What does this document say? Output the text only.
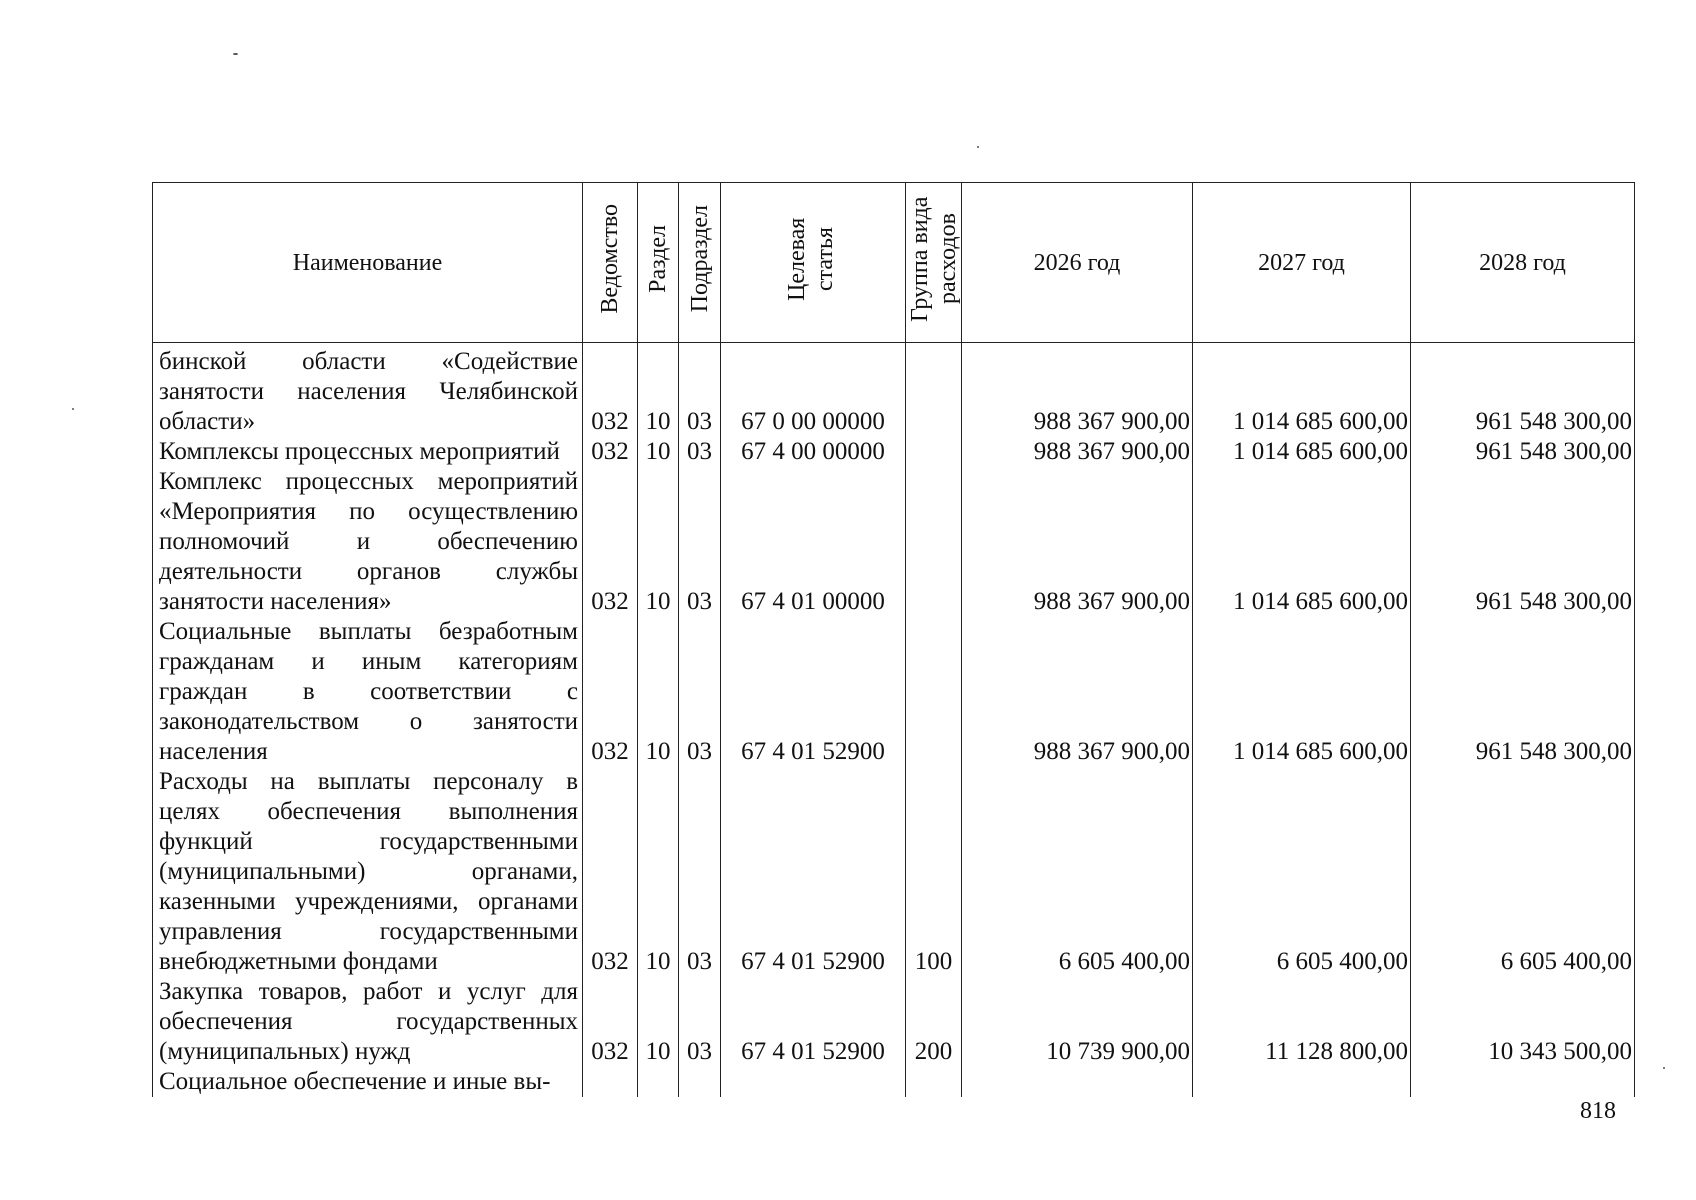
Наименование	Ведомство	Раздел	Подраздел	Целевая статья	Группа вида расходов	2026 год	2027 год	2028 год
бинской области «Содействие занятости населения Челябинской области»	032	10	03	67 0 00 00000		988 367 900,00	1 014 685 600,00	961 548 300,00
Комплексы процессных мероприятий	032	10	03	67 4 00 00000		988 367 900,00	1 014 685 600,00	961 548 300,00
Комплекс процессных мероприятий «Мероприятия по осуществлению полномочий и обеспечению деятельности органов службы занятости населения»	032	10	03	67 4 01 00000		988 367 900,00	1 014 685 600,00	961 548 300,00
Социальные выплаты безработным гражданам и иным категориям граждан в соответствии с законодательством о занятости населения	032	10	03	67 4 01 52900		988 367 900,00	1 014 685 600,00	961 548 300,00
Расходы на выплаты персоналу в целях обеспечения выполнения функций государственными (муниципальными) органами, казенными учреждениями, органами управления государственными внебюджетными фондами	032	10	03	67 4 01 52900	100	6 605 400,00	6 605 400,00	6 605 400,00
Закупка товаров, работ и услуг для обеспечения государственных (муниципальных) нужд	032	10	03	67 4 01 52900	200	10 739 900,00	11 128 800,00	10 343 500,00
Социальное обеспечение и иные вы-								
818
